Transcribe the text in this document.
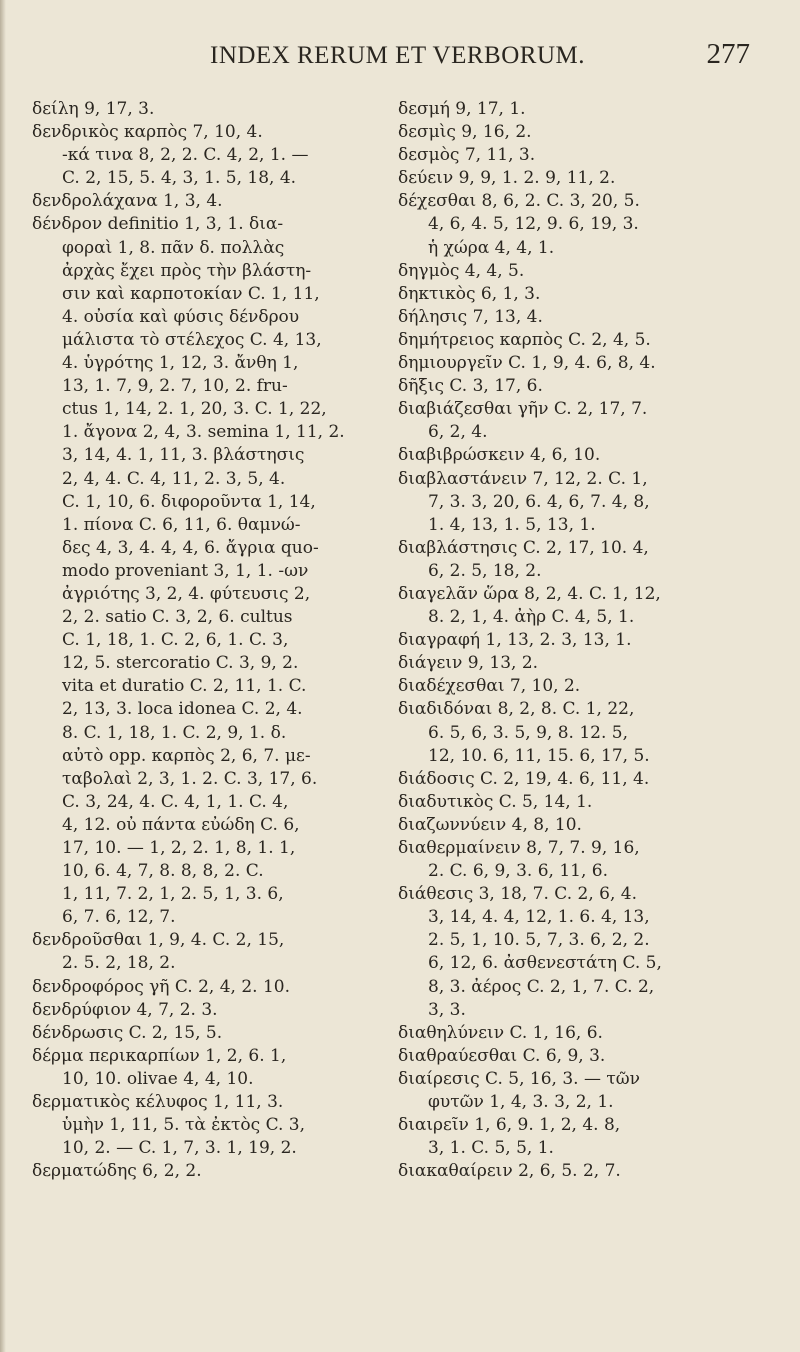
INDEX RERUM ET VERBORUM.	277
δείλη 9, 17, 3.
δενδρικὸς καρπὸς 7, 10, 4.
-κά τινα 8, 2, 2. C. 4, 2, 1. —
C. 2, 15, 5. 4, 3, 1. 5, 18, 4.
δενδρολάχανα 1, 3, 4.
δένδρον definitio 1, 3, 1. δια-
φοραὶ 1, 8. πᾶν δ. πολλὰς
ἀρχὰς ἔχει πρὸς τὴν βλάστη-
σιν καὶ καρποτοκίαν C. 1, 11,
4. οὐσία καὶ φύσις δένδρου
μάλιστα τὸ στέλεχος C. 4, 13,
4. ὑγρότης 1, 12, 3. ἄνθη 1,
13, 1. 7, 9, 2. 7, 10, 2. fru-
ctus 1, 14, 2. 1, 20, 3. C. 1, 22,
1. ἄγονα 2, 4, 3. semina 1, 11, 2.
3, 14, 4. 1, 11, 3. βλάστησις
2, 4, 4. C. 4, 11, 2. 3, 5, 4.
C. 1, 10, 6. διφοροῦντα 1, 14,
1. πίονα C. 6, 11, 6. θαμνώ-
δες 4, 3, 4. 4, 4, 6. ἄγρια quo-
modo proveniant 3, 1, 1. -ων
ἀγριότης 3, 2, 4. φύτευσις 2,
2, 2. satio C. 3, 2, 6. cultus
C. 1, 18, 1. C. 2, 6, 1. C. 3,
12, 5. stercoratio C. 3, 9, 2.
vita et duratio C. 2, 11, 1. C.
2, 13, 3. loca idonea C. 2, 4.
8. C. 1, 18, 1. C. 2, 9, 1. δ.
αὐτὸ opp. καρπὸς 2, 6, 7. με-
ταβολαὶ 2, 3, 1. 2. C. 3, 17, 6.
C. 3, 24, 4. C. 4, 1, 1. C. 4,
4, 12. οὐ πάντα εὐώδη C. 6,
17, 10. — 1, 2, 2. 1, 8, 1. 1,
10, 6. 4, 7, 8. 8, 8, 2. C.
1, 11, 7. 2, 1, 2. 5, 1, 3. 6,
6, 7. 6, 12, 7.
δενδροῦσθαι 1, 9, 4. C. 2, 15,
2. 5. 2, 18, 2.
δενδροφόρος γῆ C. 2, 4, 2. 10.
δενδρύφιον 4, 7, 2. 3.
δένδρωσις C. 2, 15, 5.
δέρμα περικαρπίων 1, 2, 6. 1,
10, 10. olivae 4, 4, 10.
δερματικὸς κέλυφος 1, 11, 3.
ὑμὴν 1, 11, 5. τὰ ἐκτὸς C. 3,
10, 2. — C. 1, 7, 3. 1, 19, 2.
δερματώδης 6, 2, 2.
δεσμή 9, 17, 1.
δεσμὶς 9, 16, 2.
δεσμὸς 7, 11, 3.
δεύειν 9, 9, 1. 2. 9, 11, 2.
δέχεσθαι 8, 6, 2. C. 3, 20, 5.
4, 6, 4. 5, 12, 9. 6, 19, 3.
ἡ χώρα 4, 4, 1.
δηγμὸς 4, 4, 5.
δηκτικὸς 6, 1, 3.
δήλησις 7, 13, 4.
δημήτρειος καρπὸς C. 2, 4, 5.
δημιουργεῖν C. 1, 9, 4. 6, 8, 4.
δῆξις C. 3, 17, 6.
διαβιάζεσθαι γῆν C. 2, 17, 7.
6, 2, 4.
διαβιβρώσκειν 4, 6, 10.
διαβλαστάνειν 7, 12, 2. C. 1,
7, 3. 3, 20, 6. 4, 6, 7. 4, 8,
1. 4, 13, 1. 5, 13, 1.
διαβλάστησις C. 2, 17, 10. 4,
6, 2. 5, 18, 2.
διαγελᾶν ὥρα 8, 2, 4. C. 1, 12,
8. 2, 1, 4. ἀὴρ C. 4, 5, 1.
διαγραφή 1, 13, 2. 3, 13, 1.
διάγειν 9, 13, 2.
διαδέχεσθαι 7, 10, 2.
διαδιδόναι 8, 2, 8. C. 1, 22,
6. 5, 6, 3. 5, 9, 8. 12. 5,
12, 10. 6, 11, 15. 6, 17, 5.
διάδοσις C. 2, 19, 4. 6, 11, 4.
διαδυτικὸς C. 5, 14, 1.
διαζωννύειν 4, 8, 10.
διαθερμαίνειν 8, 7, 7. 9, 16,
2. C. 6, 9, 3. 6, 11, 6.
διάθεσις 3, 18, 7. C. 2, 6, 4.
3, 14, 4. 4, 12, 1. 6. 4, 13,
2. 5, 1, 10. 5, 7, 3. 6, 2, 2.
6, 12, 6. ἀσθενεστάτη C. 5,
8, 3. ἀέρος C. 2, 1, 7. C. 2,
3, 3.
διαθηλύνειν C. 1, 16, 6.
διαθραύεσθαι C. 6, 9, 3.
διαίρεσις C. 5, 16, 3. — τῶν
φυτῶν 1, 4, 3. 3, 2, 1.
διαιρεῖν 1, 6, 9. 1, 2, 4. 8,
3, 1. C. 5, 5, 1.
διακαθαίρειν 2, 6, 5. 2, 7.
